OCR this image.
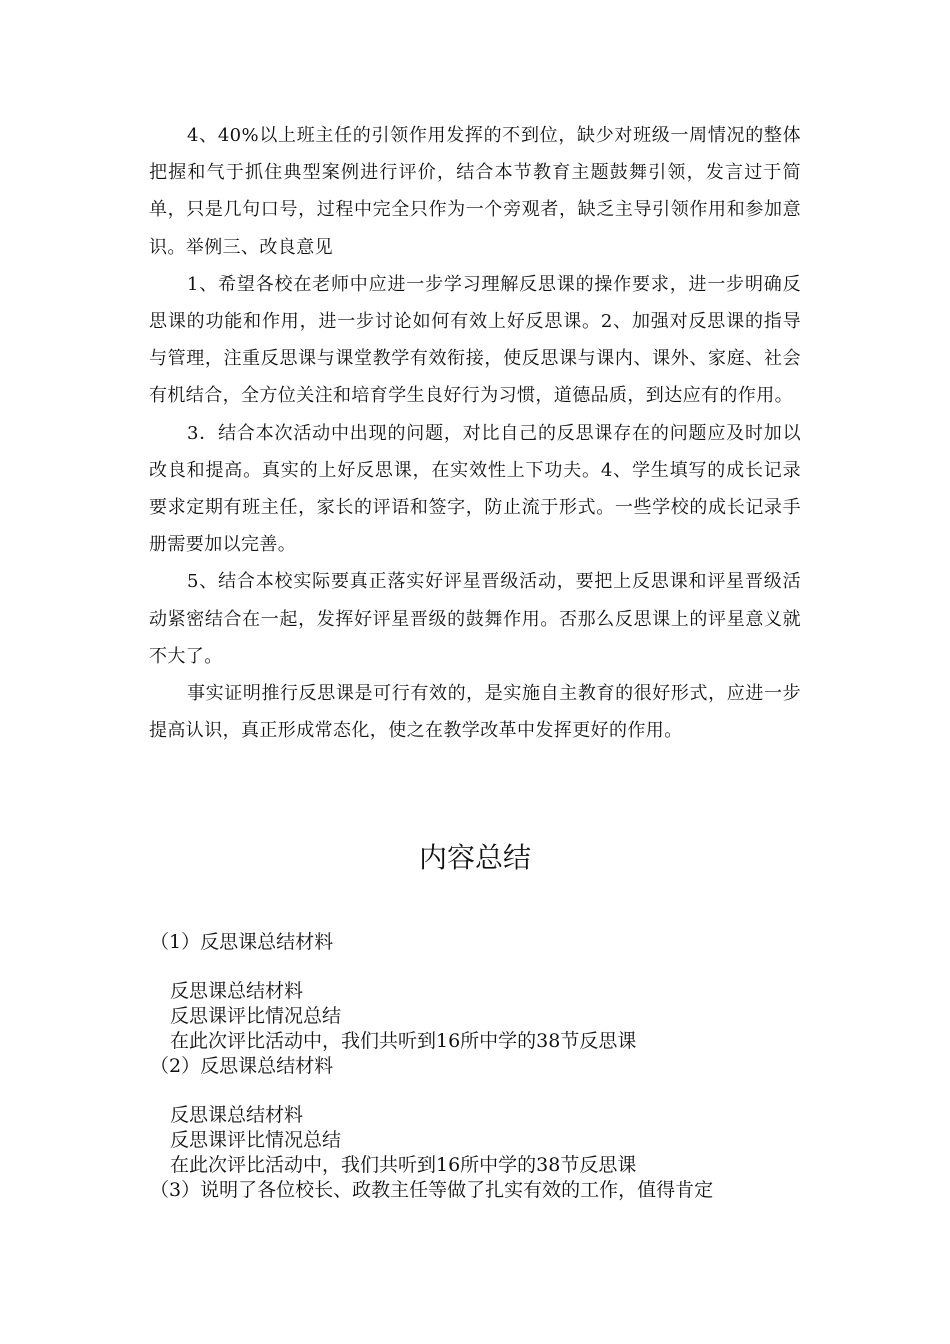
4、40%以上班主任的引领作用发挥的不到位，缺少对班级一周情况的整体把握和气于抓住典型案例进行评价，结合本节教育主题鼓舞引领，发言过于简单，只是几句口号，过程中完全只作为一个旁观者，缺乏主导引领作用和参加意识。举例三、改良意见

1、希望各校在老师中应进一步学习理解反思课的操作要求，进一步明确反思课的功能和作用，进一步讨论如何有效上好反思课。2、加强对反思课的指导与管理，注重反思课与课堂教学有效衔接，使反思课与课内、课外、家庭、社会有机结合，全方位关注和培育学生良好行为习惯，道德品质，到达应有的作用。

3．结合本次活动中出现的问题，对比自己的反思课存在的问题应及时加以改良和提高。真实的上好反思课，在实效性上下功夫。4、学生填写的成长记录要求定期有班主任，家长的评语和签字，防止流于形式。一些学校的成长记录手册需要加以完善。

5、结合本校实际要真正落实好评星晋级活动，要把上反思课和评星晋级活动紧密结合在一起，发挥好评星晋级的鼓舞作用。否那么反思课上的评星意义就不大了。

事实证明推行反思课是可行有效的，是实施自主教育的很好形式，应进一步提高认识，真正形成常态化，使之在教学改革中发挥更好的作用。

内容总结
（1）反思课总结材料
反思课总结材料
反思课评比情况总结
在此次评比活动中，我们共听到16所中学的38节反思课
（2）反思课总结材料
反思课总结材料
反思课评比情况总结
在此次评比活动中，我们共听到16所中学的38节反思课
（3）说明了各位校长、政教主任等做了扎实有效的工作，值得肯定
